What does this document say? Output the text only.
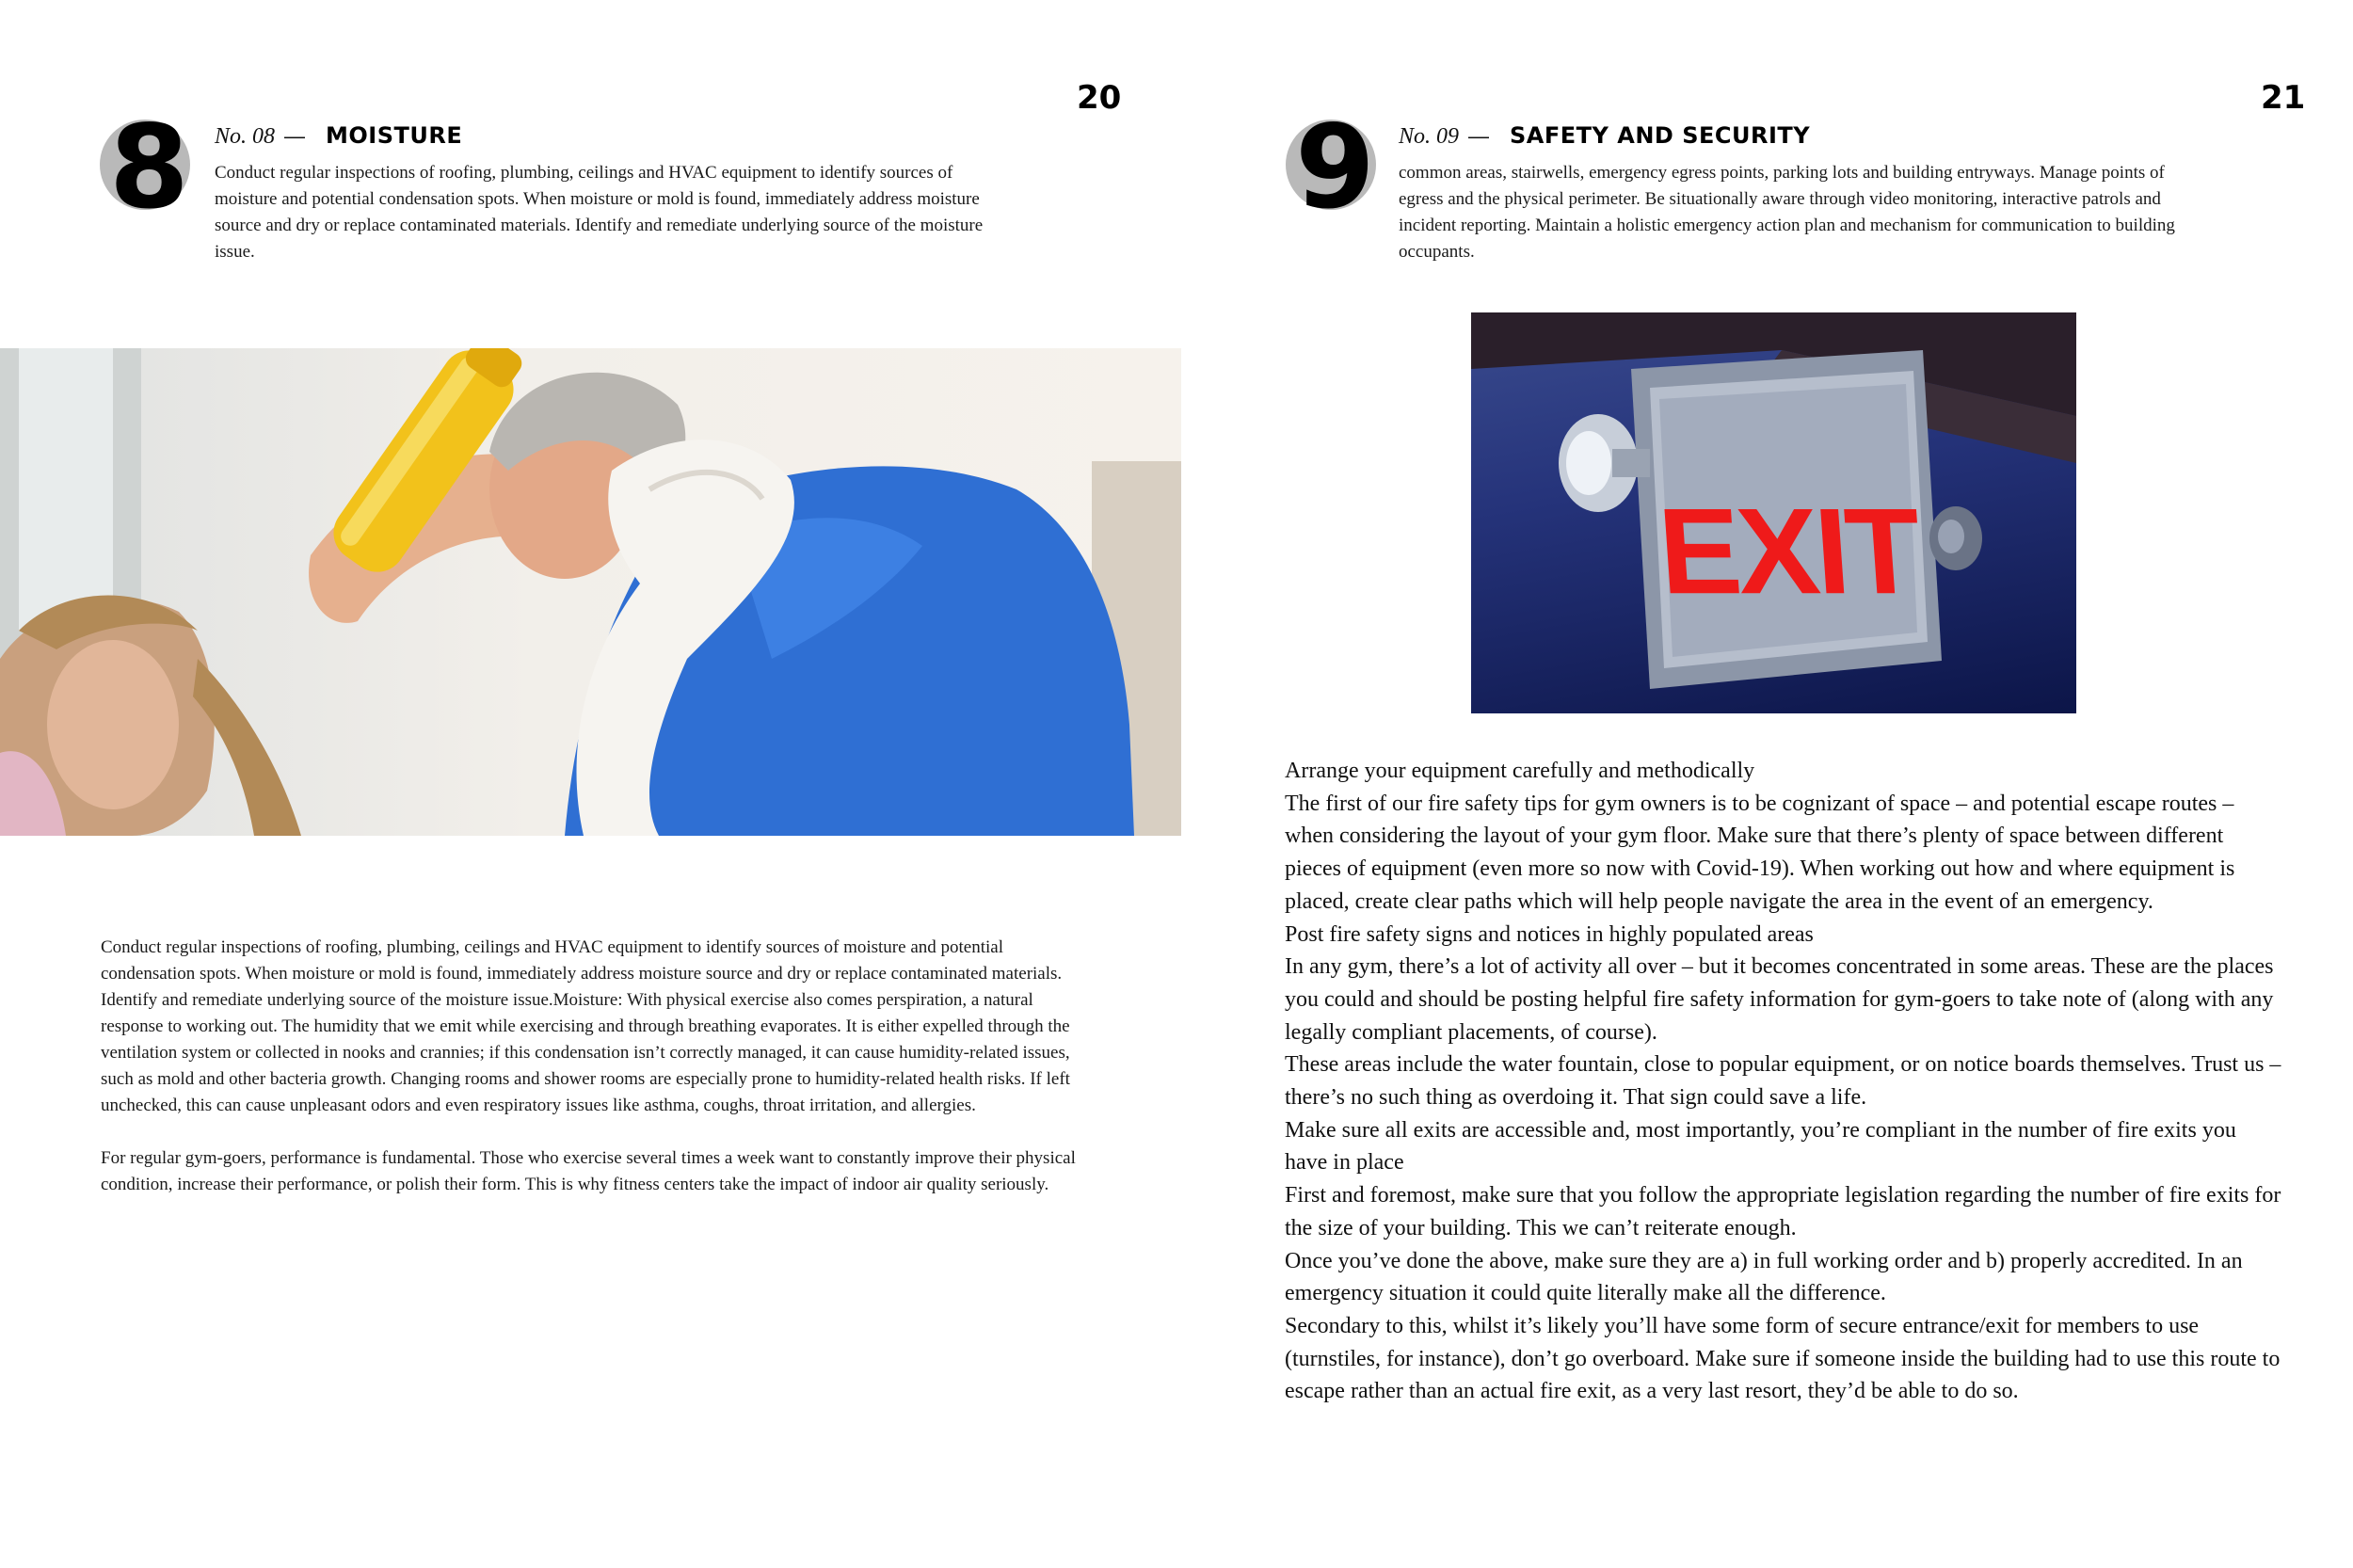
20
8 No. 08 — MOISTURE

Conduct regular inspections of roofing, plumbing, ceilings and HVAC equipment to identify sources of moisture and potential condensation spots. When moisture or mold is found, immediately address moisture source and dry or replace contaminated materials. Identify and remediate underlying source of the moisture issue.

Conduct regular inspections of roofing, plumbing, ceilings and HVAC equipment to identify sources of moisture and potential condensation spots. When moisture or mold is found, immediately address moisture source and dry or replace contaminated materials. Identify and remediate underlying source of the moisture issue.Moisture: With physical exercise also comes perspiration, a natural response to working out. The humidity that we emit while exercising and through breathing evaporates. It is either expelled through the ventilation system or collected in nooks and crannies; if this condensation isn’t correctly managed, it can cause humidity-related issues, such as mold and other bacteria growth. Changing rooms and shower rooms are especially prone to humidity-related health risks. If left unchecked, this can cause unpleasant odors and even respiratory issues like asthma, coughs, throat irritation, and allergies.

For regular gym-goers, performance is fundamental. Those who exercise several times a week want to constantly improve their physical condition, increase their performance, or polish their form. This is why fitness centers take the impact of indoor air quality seriously.

21
9 No. 09 — SAFETY AND SECURITY

common areas, stairwells, emergency egress points, parking lots and building entryways. Manage points of egress and the physical perimeter. Be situationally aware through video monitoring, interactive patrols and incident reporting. Maintain a holistic emergency action plan and mechanism for communication to building occupants.

EXIT

Arrange your equipment carefully and methodically

The first of our fire safety tips for gym owners is to be cognizant of space – and potential escape routes – when considering the layout of your gym floor. Make sure that there’s plenty of space between different pieces of equipment (even more so now with Covid-19). When working out how and where equipment is placed, create clear paths which will help people navigate the area in the event of an emergency.

Post fire safety signs and notices in highly populated areas

In any gym, there’s a lot of activity all over – but it becomes concentrated in some areas. These are the places you could and should be posting helpful fire safety information for gym-goers to take note of (along with any legally compliant placements, of course).

These areas include the water fountain, close to popular equipment, or on notice boards themselves. Trust us – there’s no such thing as overdoing it. That sign could save a life.

Make sure all exits are accessible and, most importantly, you’re compliant in the number of fire exits you have in place

First and foremost, make sure that you follow the appropriate legislation regarding the number of fire exits for the size of your building. This we can’t reiterate enough.

Once you’ve done the above, make sure they are a) in full working order and b) properly accredited. In an emergency situation it could quite literally make all the difference.

Secondary to this, whilst it’s likely you’ll have some form of secure entrance/exit for members to use (turnstiles, for instance), don’t go overboard. Make sure if someone inside the building had to use this route to escape rather than an actual fire exit, as a very last resort, they’d be able to do so.
